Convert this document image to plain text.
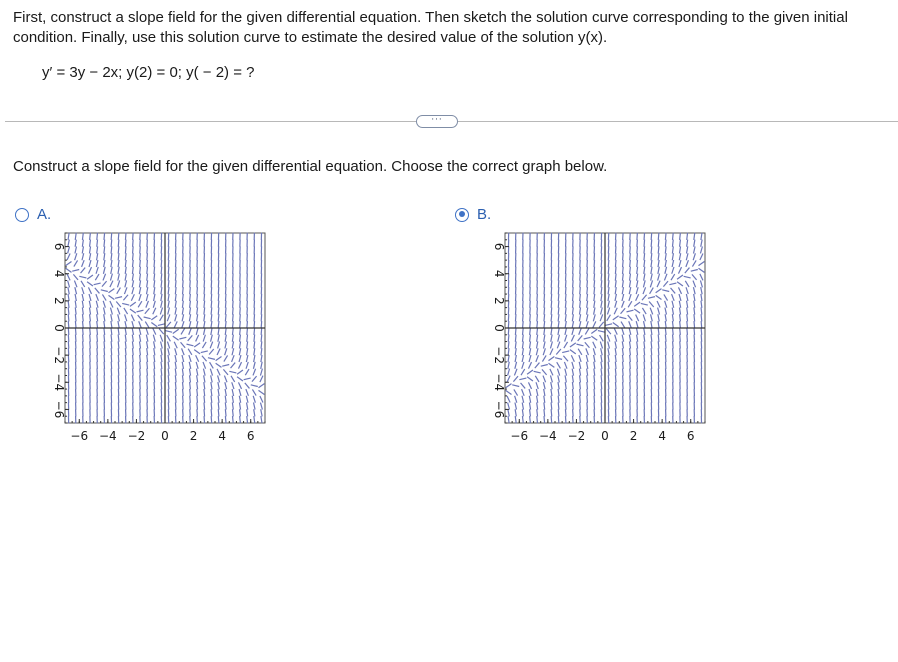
First, construct a slope field for the given differential equation. Then sketch the solution curve corresponding to the given initial condition. Finally, use this solution curve to estimate the desired value of the solution y(x).

y′ = 3y − 2x; y(2) = 0; y( − 2) = ?
···
Construct a slope field for the given differential equation. Choose the correct graph below.
A.
−6 −4 −2 0 2 4 6
6
4
2
0
−2
−4
−6
B.
−6 −4 −2 0 2 4 6
6
4
2
0
−2
−4
−6
